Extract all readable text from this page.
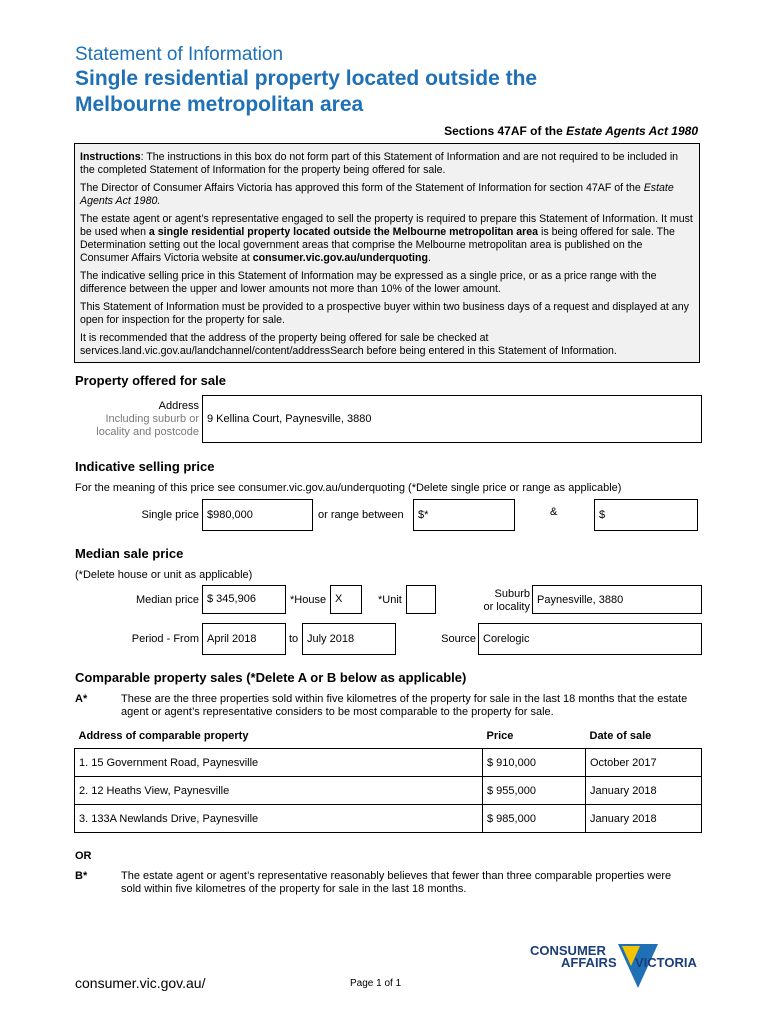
Statement of Information
Single residential property located outside the
Melbourne metropolitan area
Sections 47AF of the Estate Agents Act 1980

Instructions: The instructions in this box do not form part of this Statement of Information and are not required to be included in the completed Statement of Information for the property being offered for sale.

The Director of Consumer Affairs Victoria has approved this form of the Statement of Information for section 47AF of the Estate Agents Act 1980.

The estate agent or agent’s representative engaged to sell the property is required to prepare this Statement of Information. It must be used when a single residential property located outside the Melbourne metropolitan area is being offered for sale. The Determination setting out the local government areas that comprise the Melbourne metropolitan area is published on the Consumer Affairs Victoria website at consumer.vic.gov.au/underquoting.

The indicative selling price in this Statement of Information may be expressed as a single price, or as a price range with the difference between the upper and lower amounts not more than 10% of the lower amount.

This Statement of Information must be provided to a prospective buyer within two business days of a request and displayed at any open for inspection for the property for sale.

It is recommended that the address of the property being offered for sale be checked at services.land.vic.gov.au/landchannel/content/addressSearch before being entered in this Statement of Information.

Property offered for sale
Address
Including suburb or
locality and postcode
9 Kellina Court, Paynesville, 3880
Indicative selling price
For the meaning of this price see consumer.vic.gov.au/underquoting (*Delete single price or range as applicable)
Single price $980,000	or range between	$*	&	$
Median sale price
(*Delete house or unit as applicable)
Median price $ 345,906	*House X	*Unit	Suburb
or locality
Paynesville, 3880
Period - From April 2018	to July 2018	Source Corelogic
Comparable property sales (*Delete A or B below as applicable)
A*	These are the three properties sold within five kilometres of the property for sale in the last 18 months that the estate agent or agent’s representative considers to be most comparable to the property for sale.
Address of comparable property	Price	Date of sale
1. 15 Government Road, Paynesville	$ 910,000	October 2017
2. 12 Heaths View, Paynesville	$ 955,000	January 2018
3. 133A Newlands Drive, Paynesville	$ 985,000	January 2018
OR
B*	The estate agent or agent’s representative reasonably believes that fewer than three comparable properties were sold within five kilometres of the property for sale in the last 18 months.
consumer.vic.gov.au/	Page 1 of 1
CONSUMER
AFFAIRS VICTORIA
